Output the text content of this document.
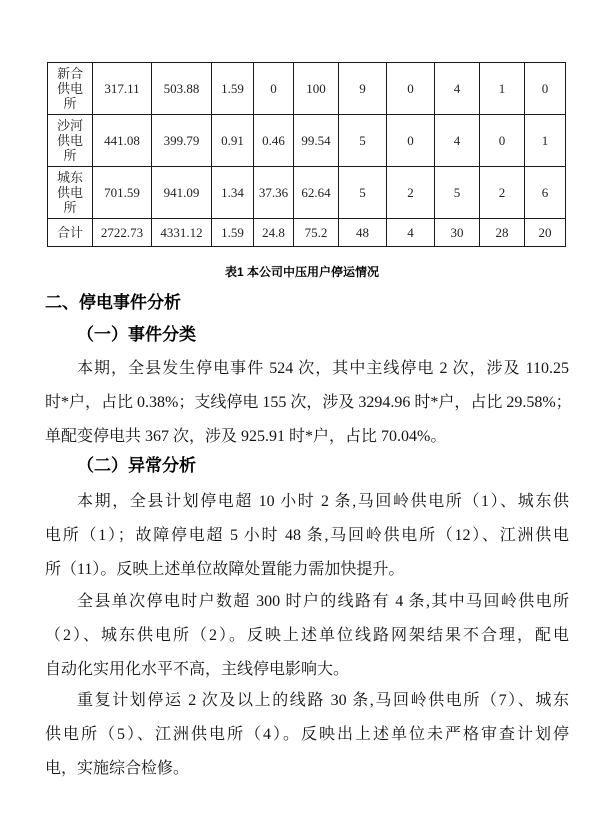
新合供电所	317.11	503.88	1.59	0	100	9	0	4	1	0
沙河供电所	441.08	399.79	0.91	0.46	99.54	5	0	4	0	1
城东供电所	701.59	941.09	1.34	37.36	62.64	5	2	5	2	6
合计	2722.73	4331.12	1.59	24.8	75.2	48	4	30	28	20
表1 本公司中压用户停运情况
二、停电事件分析
（一）事件分类
本期，全县发生停电事件 524 次，其中主线停电 2 次，涉及 110.25
时*户，占比 0.38%；支线停电 155 次，涉及 3294.96 时*户，占比 29.58%；
单配变停电共 367 次，涉及 925.91 时*户，占比 70.04%。
（二）异常分析
本期，全县计划停电超 10 小时 2 条,马回岭供电所（1）、城东供
电所（1）；故障停电超 5 小时 48 条,马回岭供电所（12）、江洲供电
所（11）。反映上述单位故障处置能力需加快提升。
全县单次停电时户数超 300 时户的线路有 4 条,其中马回岭供电所
（2）、城东供电所（2）。反映上述单位线路网架结果不合理，配电
自动化实用化水平不高，主线停电影响大。
重复计划停运 2 次及以上的线路 30 条,马回岭供电所（7）、城东
供电所（5）、江洲供电所（4）。反映出上述单位未严格审查计划停
电，实施综合检修。
